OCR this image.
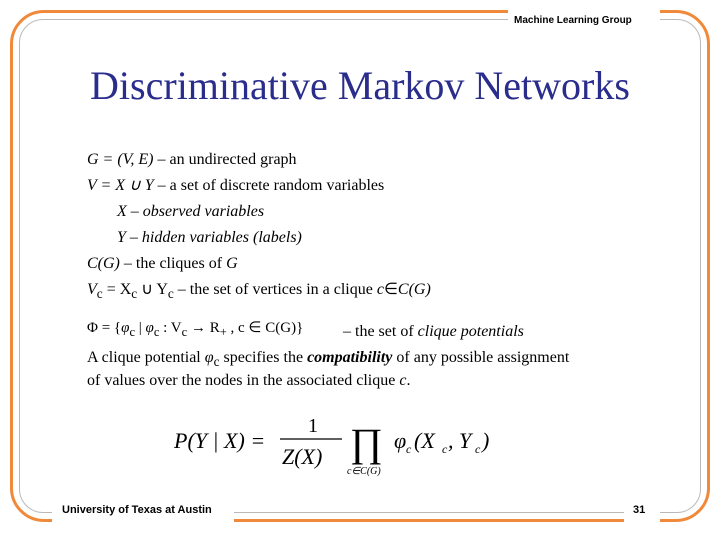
Machine Learning Group
Discriminative Markov Networks
G = (V, E) – an undirected graph
V = X ∪ Y – a set of discrete random variables
X – observed variables
Y – hidden variables (labels)
C(G) – the cliques of G
$V_c = X_c$ ∪ $Y_c$ – the set of vertices in a clique c∈C(G)
$\Phi = \{\varphi_c$ | $\varphi_c$ : $V_c \to R_+$ , c ∈ C(G)} – the set of clique potentials
A clique potential $\varphi_c$ specifies the compatibility of any possible assignment
of values over the nodes in the associated clique c.
P(Y | X) =
1
Z(X) ∏
c∈C(G)
φ c (X c , Y c )
University of Texas at Austin	31
